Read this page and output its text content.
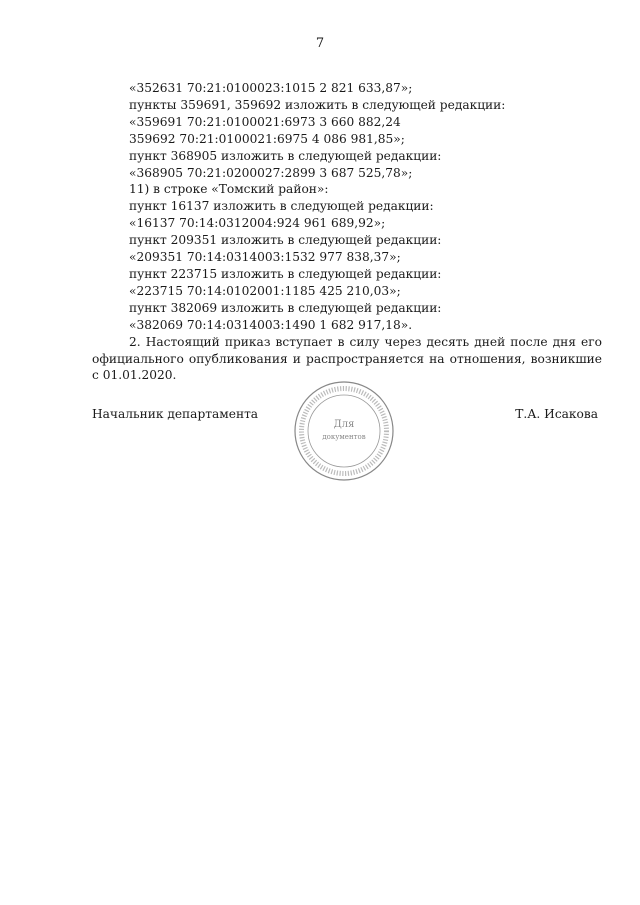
7
«352631 70:21:0100023:1015 2 821 633,87»;
пункты 359691, 359692 изложить в следующей редакции:
«359691 70:21:0100021:6973 3 660 882,24
359692 70:21:0100021:6975 4 086 981,85»;
пункт 368905 изложить в следующей редакции:
«368905 70:21:0200027:2899 3 687 525,78»;
11) в строке «Томский район»:
пункт 16137 изложить в следующей редакции:
«16137 70:14:0312004:924 961 689,92»;
пункт 209351 изложить в следующей редакции:
«209351 70:14:0314003:1532 977 838,37»;
пункт 223715 изложить в следующей редакции:
«223715 70:14:0102001:1185 425 210,03»;
пункт 382069 изложить в следующей редакции:
«382069 70:14:0314003:1490 1 682 917,18».

2. Настоящий приказ вступает в силу через десять дней после дня его официального опубликования и распространяется на отношения, возникшие с 01.01.2020.

Начальник департамента
Для
документов
Т.А. Исакова
